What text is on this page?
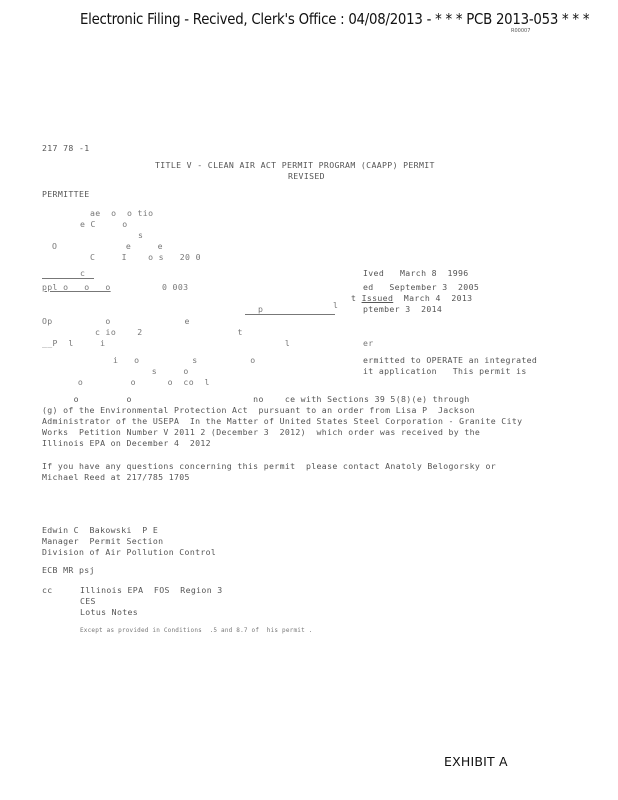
Electronic Filing - Recived, Clerk's Office : 04/08/2013 - * * * PCB 2013-053 * * *
R00007
217 78 -1
TITLE V - CLEAN AIR ACT PERMIT PROGRAM (CAAPP) PERMIT
REVISED
PERMITTEE
ae  o  o tio
e C     o
s
O             e     e
C     I    o s   20 0
c
ppl o   o   o	0 003
Ived   March 8  1996
ed   September 3  2005
t Issued  March 4  2013
ptember 3  2014
p	l
Op          o              e
c io    2                  t
__P  l     i                                  l	er
i   o          s          o	ermitted to OPERATE an integrated
s     o	it application   This permit is
o         o      o  co  l
o         o                       no    ce with Sections 39 5(8)(e) through
(g) of the Environmental Protection Act  pursuant to an order from Lisa P  Jackson
Administrator of the USEPA  In the Matter of United States Steel Corporation - Granite City
Works  Petition Number V 2011 2 (December 3  2012)  which order was received by the
Illinois EPA on December 4  2012
If you have any questions concerning this permit  please contact Anatoly Belogorsky or
Michael Reed at 217/785 1705
Edwin C  Bakowski  P E
Manager  Permit Section
Division of Air Pollution Control
ECB MR psj
cc	Illinois EPA  FOS  Region 3
CES
Lotus Notes
Except as provided in Conditions  .5 and 8.7 of  his permit .
EXHIBIT A
